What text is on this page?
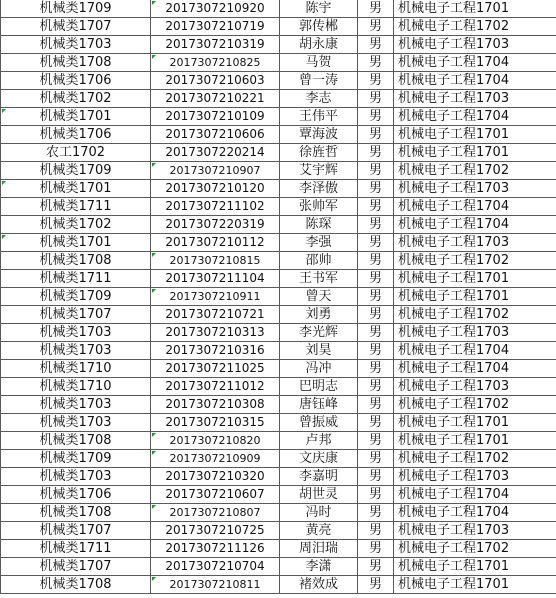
机械类1709	2017307210920	陈宇	男	机械电子工程1701
机械类1707	2017307210719	郭传郴	男	机械电子工程1702
机械类1703	2017307210319	胡永康	男	机械电子工程1703
机械类1708	2017307210825	马贺	男	机械电子工程1704
机械类1706	2017307210603	曾一涛	男	机械电子工程1704
机械类1702	2017307210221	李志	男	机械电子工程1703
机械类1701	2017307210109	王伟平	男	机械电子工程1704
机械类1706	2017307210606	覃海波	男	机械电子工程1701
农工1702	2017307220214	徐旌哲	男	机械电子工程1701
机械类1709	2017307210907	艾宇辉	男	机械电子工程1702
机械类1701	2017307210120	李泽傲	男	机械电子工程1703
机械类1711	2017307211102	张帅军	男	机械电子工程1704
机械类1702	2017307220319	陈琛	男	机械电子工程1704
机械类1701	2017307210112	李强	男	机械电子工程1703
机械类1708	2017307210815	邵帅	男	机械电子工程1702
机械类1711	2017307211104	王书军	男	机械电子工程1701
机械类1709	2017307210911	曾天	男	机械电子工程1701
机械类1707	2017307210721	刘勇	男	机械电子工程1702
机械类1703	2017307210313	李光辉	男	机械电子工程1703
机械类1703	2017307210316	刘昊	男	机械电子工程1704
机械类1710	2017307211025	冯冲	男	机械电子工程1704
机械类1710	2017307211012	巴明志	男	机械电子工程1703
机械类1703	2017307210308	唐钰峰	男	机械电子工程1702
机械类1703	2017307210315	曾振威	男	机械电子工程1701
机械类1708	2017307210820	卢邦	男	机械电子工程1701
机械类1709	2017307210909	文庆康	男	机械电子工程1702
机械类1703	2017307210320	李嘉明	男	机械电子工程1703
机械类1706	2017307210607	胡世灵	男	机械电子工程1704
机械类1708	2017307210807	冯时	男	机械电子工程1704
机械类1707	2017307210725	黄亮	男	机械电子工程1703
机械类1711	2017307211126	周汨瑞	男	机械电子工程1702
机械类1707	2017307210704	李潇	男	机械电子工程1701
机械类1708	2017307210811	褚效成	男	机械电子工程1701
